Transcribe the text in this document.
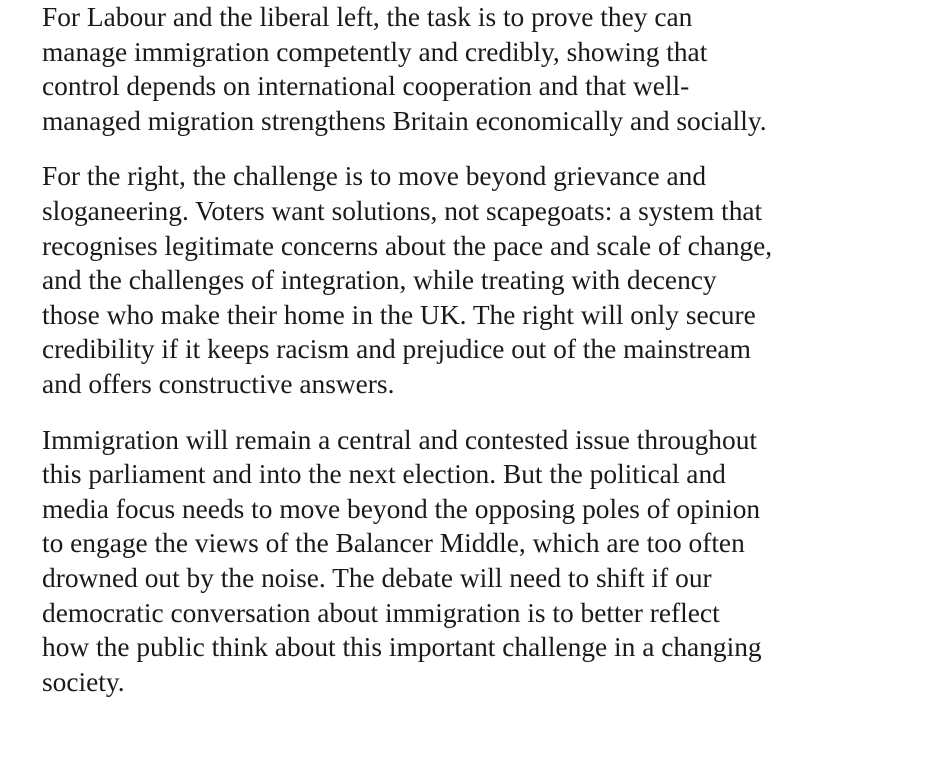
For Labour and the liberal left, the task is to prove they can
manage immigration competently and credibly, showing that
control depends on international cooperation and that well-
managed migration strengthens Britain economically and socially.

For the right, the challenge is to move beyond grievance and
sloganeering. Voters want solutions, not scapegoats: a system that
recognises legitimate concerns about the pace and scale of change,
and the challenges of integration, while treating with decency
those who make their home in the UK. The right will only secure
credibility if it keeps racism and prejudice out of the mainstream
and offers constructive answers.

Immigration will remain a central and contested issue throughout
this parliament and into the next election. But the political and
media focus needs to move beyond the opposing poles of opinion
to engage the views of the Balancer Middle, which are too often
drowned out by the noise. The debate will need to shift if our
democratic conversation about immigration is to better reflect
how the public think about this important challenge in a changing
society.
